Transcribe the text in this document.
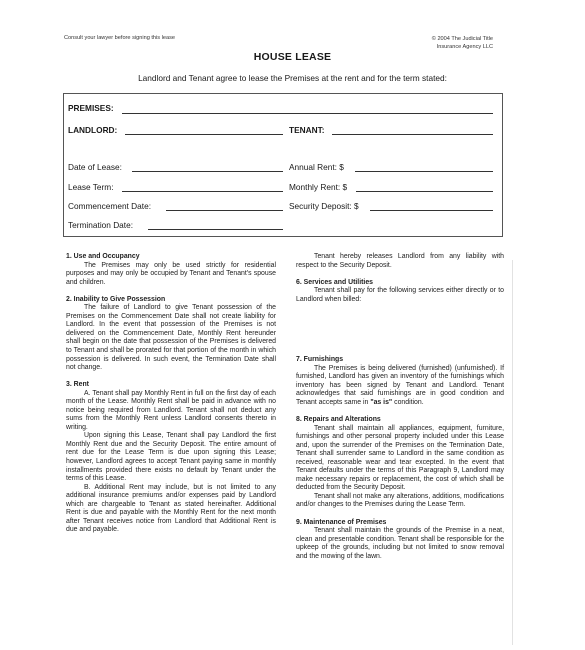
Consult your lawyer before signing this lease	© 2004 The Judicial Title
Insurance Agency LLC
HOUSE LEASE
Landlord and Tenant agree to lease the Premises at the rent and for the term stated:
PREMISES:
LANDLORD:	TENANT:
Date of Lease:	Annual Rent: $
Lease Term:	Monthly Rent: $
Commencement Date:	Security Deposit: $
Termination Date:
1. Use and Occupancy

The Premises may only be used strictly for residential purposes and may only be occupied by Tenant and Tenant's spouse and children.

2. Inability to Give Possession

The failure of Landlord to give Tenant possession of the Premises on the Commencement Date shall not create liability for Landlord. In the event that possession of the Premises is not delivered on the Commencement Date, Monthly Rent hereunder shall begin on the date that possession of the Premises is delivered to Tenant and shall be prorated for that portion of the month in which possession is delivered. In such event, the Termination Date shall not change.

3. Rent

A. Tenant shall pay Monthly Rent in full on the first day of each month of the Lease. Monthly Rent shall be paid in advance with no notice being required from Landlord. Tenant shall not deduct any sums from the Monthly Rent unless Landlord consents thereto in writing.

Upon signing this Lease, Tenant shall pay Landlord the first Monthly Rent due and the Security Deposit. The entire amount of rent due for the Lease Term is due upon signing this Lease; however, Landlord agrees to accept Tenant paying same in monthly installments provided there exists no default by Tenant under the terms of this Lease.

B. Additional Rent may include, but is not limited to any additional insurance premiums and/or expenses paid by Landlord which are chargeable to Tenant as stated hereinafter. Additional Rent is due and payable with the Monthly Rent for the next month after Tenant receives notice from Landlord that Additional Rent is due and payable.

Tenant hereby releases Landlord from any liability with respect to the Security Deposit.

6. Services and Utilities

Tenant shall pay for the following services either directly or to Landlord when billed:

7. Furnishings

The Premises is being delivered (furnished) (unfurnished). If furnished, Landlord has given an inventory of the furnishings which inventory has been signed by Tenant and Landlord. Tenant acknowledges that said furnishings are in good condition and Tenant accepts same in "as is" condition.

8. Repairs and Alterations

Tenant shall maintain all appliances, equipment, furniture, furnishings and other personal property included under this Lease and, upon the surrender of the Premises on the Termination Date, Tenant shall surrender same to Landlord in the same condition as received, reasonable wear and tear excepted. In the event that Tenant defaults under the terms of this Paragraph 9, Landlord may make necessary repairs or replacement, the cost of which shall be deducted from the Security Deposit.

Tenant shall not make any alterations, additions, modifications and/or changes to the Premises during the Lease Term.

9. Maintenance of Premises

Tenant shall maintain the grounds of the Premise in a neat, clean and presentable condition. Tenant shall be responsible for the upkeep of the grounds, including but not limited to snow removal and the mowing of the lawn.
